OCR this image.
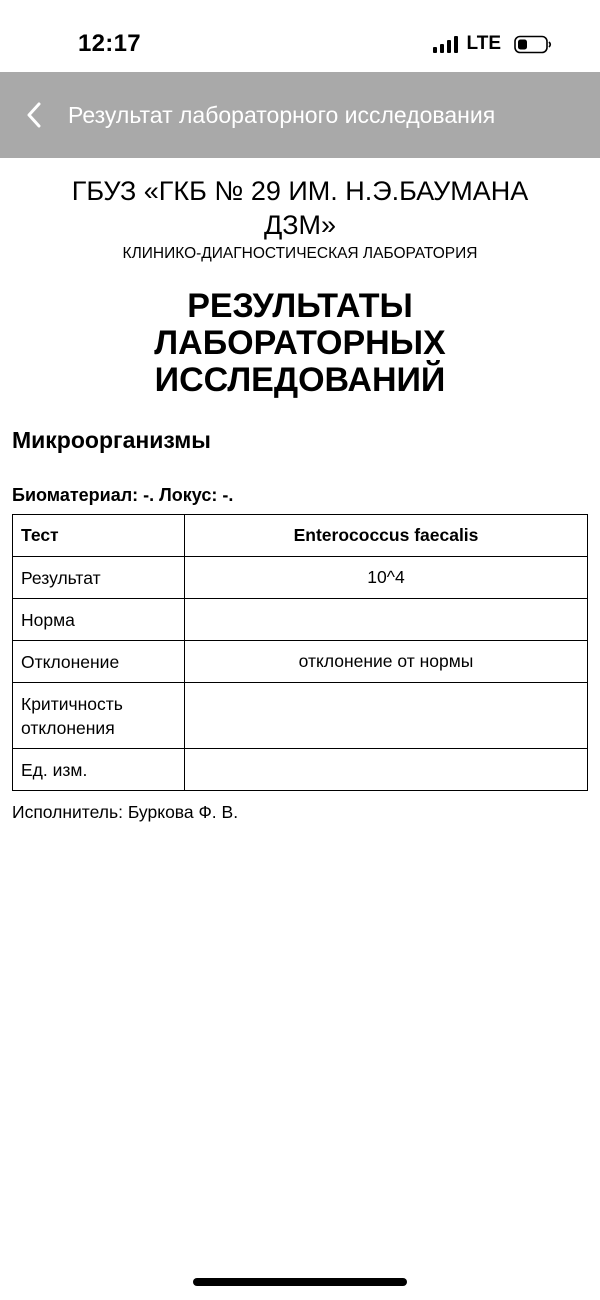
12:17	LTE
Результат лабораторного исследования
ГБУЗ «ГКБ № 29 ИМ. Н.Э.БАУМАНА ДЗМ»
КЛИНИКО-ДИАГНОСТИЧЕСКАЯ ЛАБОРАТОРИЯ
РЕЗУЛЬТАТЫ ЛАБОРАТОРНЫХ ИССЛЕДОВАНИЙ
Микроорганизмы
Биоматериал: -. Локус: -.
Тест	Enterococcus faecalis
Результат	10^4
Норма	
Отклонение	отклонение от нормы
Критичность отклонения	
Ед. изм.	
Исполнитель: Буркова Ф. В.
